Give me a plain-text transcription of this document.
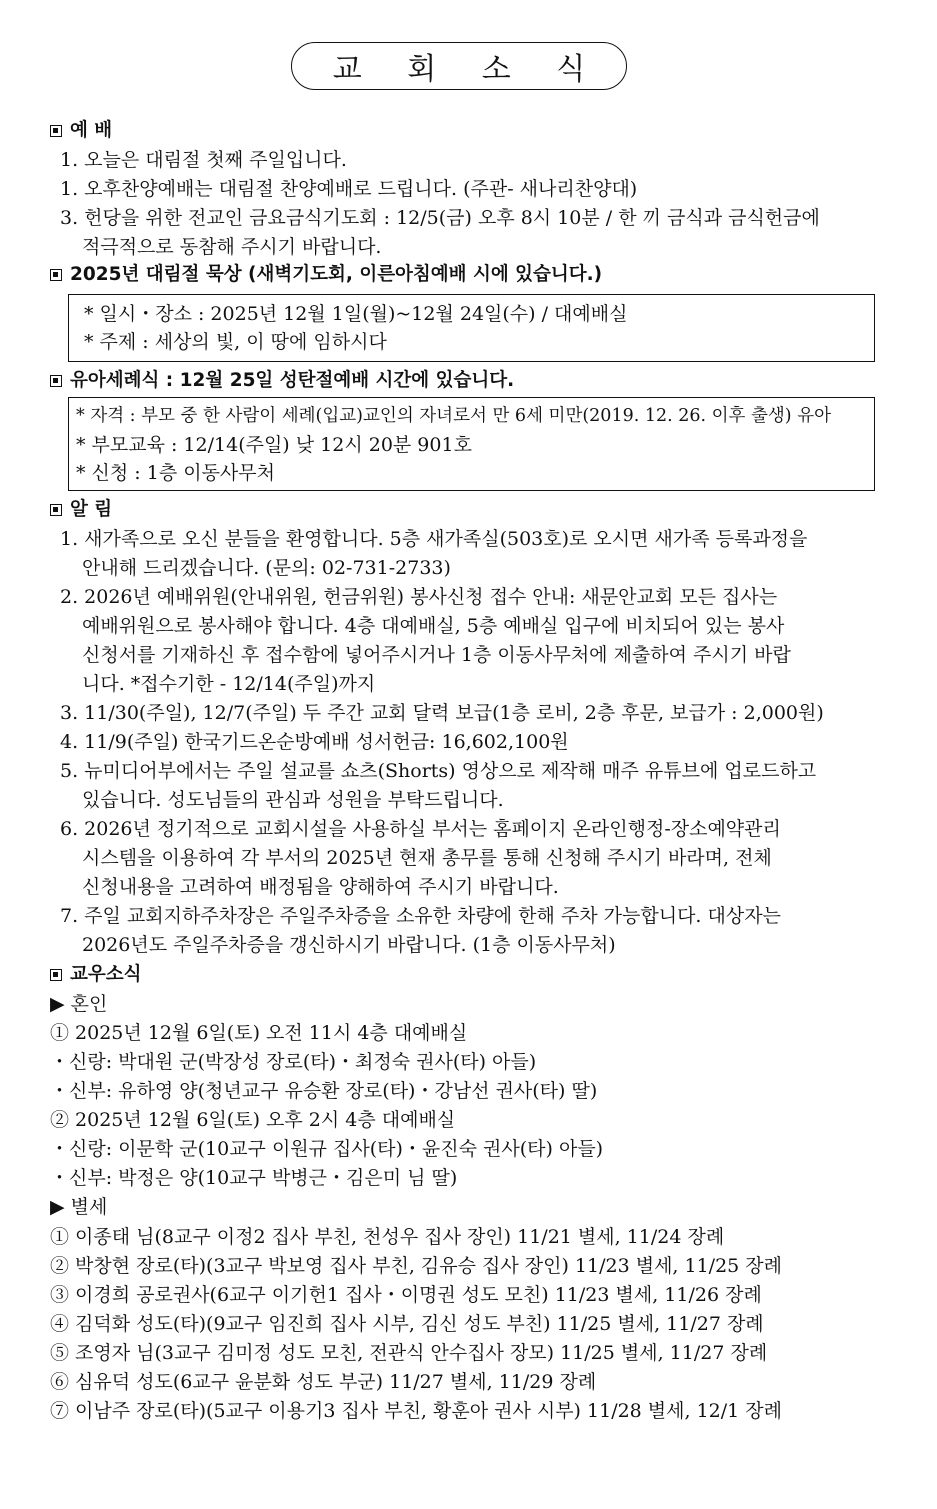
교 회 소 식
예 배
1. 오늘은 대림절 첫째 주일입니다.
1. 오후찬양예배는 대림절 찬양예배로 드립니다. (주관- 새나리찬양대)
3. 헌당을 위한 전교인 금요금식기도회 : 12/5(금) 오후 8시 10분 / 한 끼 금식과 금식헌금에
적극적으로 동참해 주시기 바랍니다.
2025년 대림절 묵상 (새벽기도회, 이른아침예배 시에 있습니다.)
* 일시・장소 : 2025년 12월 1일(월)~12월 24일(수) / 대예배실
* 주제 : 세상의 빛, 이 땅에 임하시다
유아세례식 : 12월 25일 성탄절예배 시간에 있습니다.
* 자격 : 부모 중 한 사람이 세례(입교)교인의 자녀로서 만 6세 미만(2019. 12. 26. 이후 출생) 유아
* 부모교육 : 12/14(주일) 낮 12시 20분 901호
* 신청 : 1층 이동사무처
알 림
1. 새가족으로 오신 분들을 환영합니다. 5층 새가족실(503호)로 오시면 새가족 등록과정을
안내해 드리겠습니다. (문의: 02-731-2733)
2. 2026년 예배위원(안내위원, 헌금위원) 봉사신청 접수 안내: 새문안교회 모든 집사는
예배위원으로 봉사해야 합니다. 4층 대예배실, 5층 예배실 입구에 비치되어 있는 봉사
신청서를 기재하신 후 접수함에 넣어주시거나 1층 이동사무처에 제출하여 주시기 바랍
니다. *접수기한 - 12/14(주일)까지
3. 11/30(주일), 12/7(주일) 두 주간 교회 달력 보급(1층 로비, 2층 후문, 보급가 : 2,000원)
4. 11/9(주일) 한국기드온순방예배 성서헌금: 16,602,100원
5. 뉴미디어부에서는 주일 설교를 쇼츠(Shorts) 영상으로 제작해 매주 유튜브에 업로드하고
있습니다. 성도님들의 관심과 성원을 부탁드립니다.
6. 2026년 정기적으로 교회시설을 사용하실 부서는 홈페이지 온라인행정-장소예약관리
시스템을 이용하여 각 부서의 2025년 현재 총무를 통해 신청해 주시기 바라며, 전체
신청내용을 고려하여 배정됨을 양해하여 주시기 바랍니다.
7. 주일 교회지하주차장은 주일주차증을 소유한 차량에 한해 주차 가능합니다. 대상자는
2026년도 주일주차증을 갱신하시기 바랍니다. (1층 이동사무처)
교우소식
▶ 혼인
① 2025년 12월 6일(토) 오전 11시 4층 대예배실
・신랑: 박대원 군(박장성 장로(타)・최정숙 권사(타) 아들)
・신부: 유하영 양(청년교구 유승환 장로(타)・강남선 권사(타) 딸)
② 2025년 12월 6일(토) 오후 2시 4층 대예배실
・신랑: 이문학 군(10교구 이원규 집사(타)・윤진숙 권사(타) 아들)
・신부: 박정은 양(10교구 박병근・김은미 님 딸)
▶ 별세
① 이종태 님(8교구 이정2 집사 부친, 천성우 집사 장인) 11/21 별세, 11/24 장례
② 박창현 장로(타)(3교구 박보영 집사 부친, 김유승 집사 장인) 11/23 별세, 11/25 장례
③ 이경희 공로권사(6교구 이기헌1 집사・이명권 성도 모친) 11/23 별세, 11/26 장례
④ 김덕화 성도(타)(9교구 임진희 집사 시부, 김신 성도 부친) 11/25 별세, 11/27 장례
⑤ 조영자 님(3교구 김미정 성도 모친, 전관식 안수집사 장모) 11/25 별세, 11/27 장례
⑥ 심유덕 성도(6교구 윤분화 성도 부군) 11/27 별세, 11/29 장례
⑦ 이남주 장로(타)(5교구 이용기3 집사 부친, 황훈아 권사 시부) 11/28 별세, 12/1 장례
